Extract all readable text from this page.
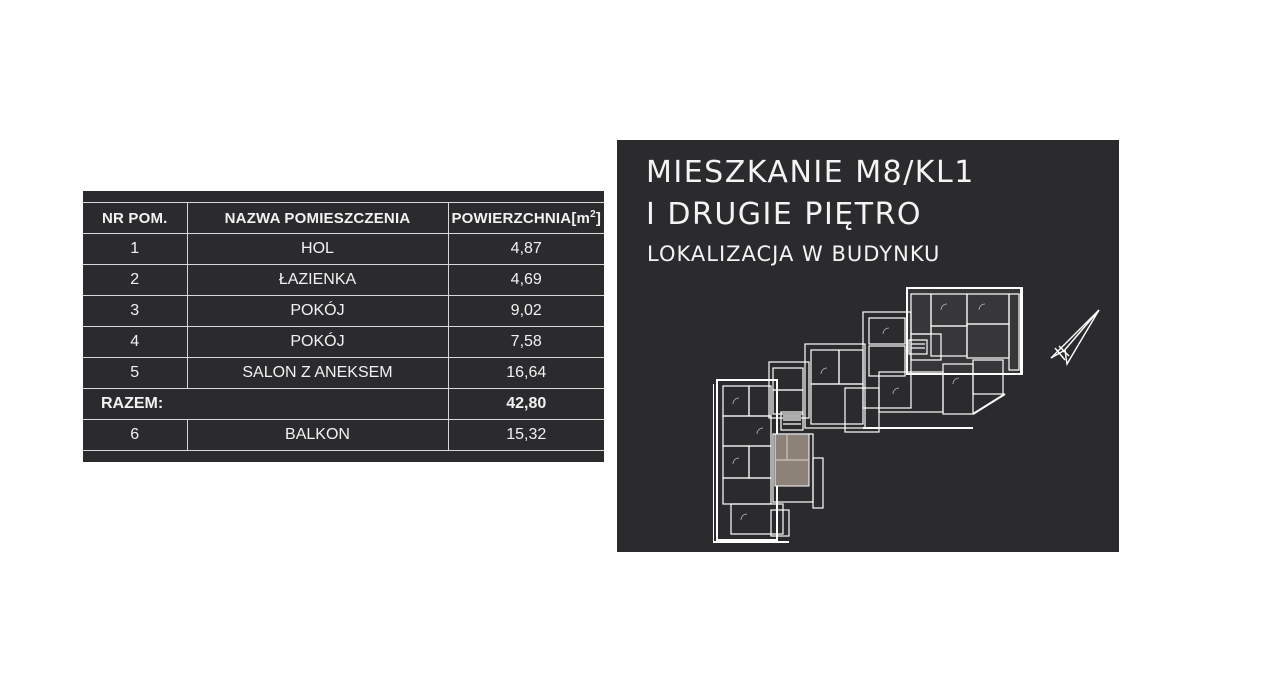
NR POM.	NAZWA POMIESZCZENIA	$POWIERZCHNIA[m^2]$
1	HOL	4,87
2	ŁAZIENKA	4,69
3	POKÓJ	9,02
4	POKÓJ	7,58
5	SALON Z ANEKSEM	16,64
RAZEM:		42,80
6	BALKON	15,32
MIESZKANIE M8/KL1
I DRUGIE PIĘTRO
LOKALIZACJA W BUDYNKU
